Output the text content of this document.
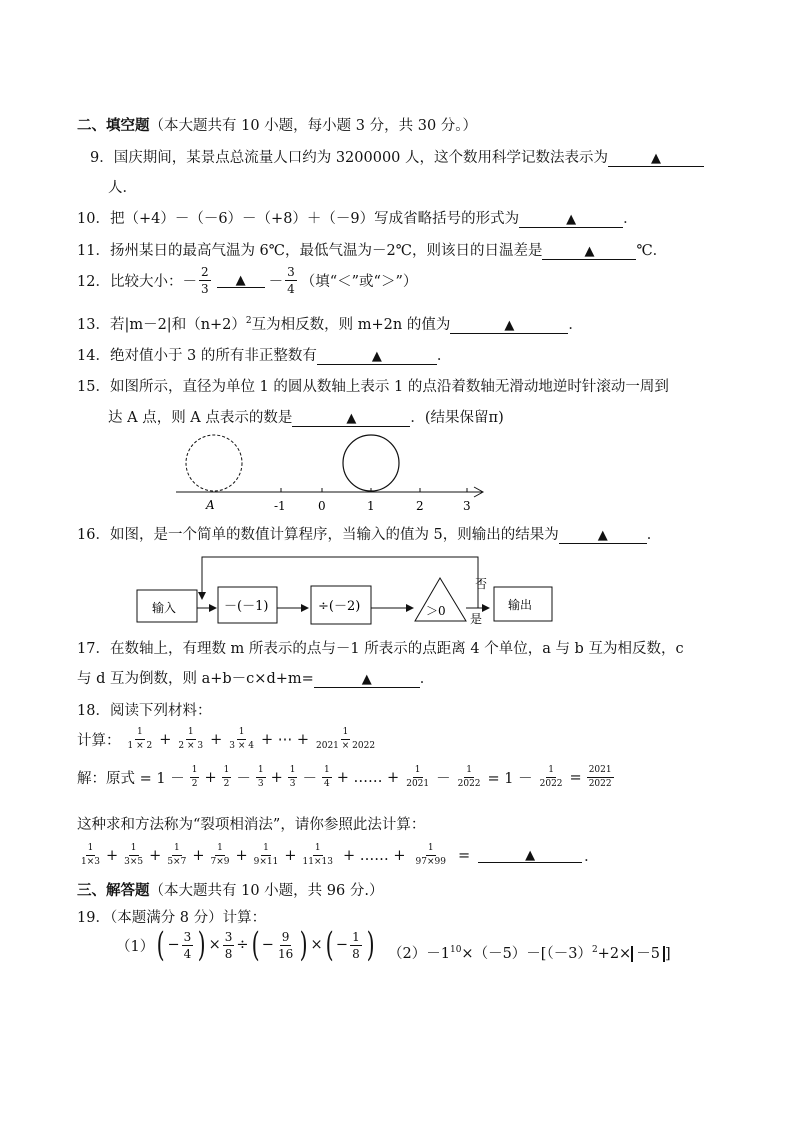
二、填空题（本大题共有 10 小题，每小题 3 分，共 30 分。）
9．国庆期间，某景点总流量人口约为 3200000 人，这个数用科学记数法表示为	▲
人．
10．把（+4）－（－6）－（+8）＋（－9）写成省略括号的形式为	▲	．
11．扬州某日的最高气温为 6℃，最低气温为－2℃，则该日的日温差是	▲	℃．
12．比较大小：－ $\frac{2}{3}$	▲	－ $\frac{3}{4}$ （填“＜”或“＞”）
13．若|m－2|和$(n+2)^2$互为相反数，则 m+2n 的值为	▲	．
14．绝对值小于 3 的所有非正整数有	▲	．
15．如图所示，直径为单位 1 的圆从数轴上表示 1 的点沿着数轴无滑动地逆时针滚动一周到
达 A 点，则 A 点表示的数是	▲	．(结果保留π)
A	-1	0	1	2	3
16．如图，是一个简单的数值计算程序，当输入的值为 5，则输出的结果为	▲	．
输入	－(－1)	÷(－2)	＞0
否
是
输出
17．在数轴上，有理数 m 所表示的点与－1 所表示的点距离 4 个单位，a 与 b 互为相反数，c
与 d 互为倒数，则 a+b－c×d+m=	▲	．
18．阅读下列材料：
计算： $\frac{1}{1 \times 2} + \frac{1}{2 \times 3} + \frac{1}{3 \times 4}$ + ⋯ + $\frac{1}{2021 \times 2022}$
解：原式 = $1 - \frac{1}{2} + \frac{1}{2} - \frac{1}{3} + \frac{1}{3} - \frac{1}{4}$ + …… + $\frac{1}{2021} - \frac{1}{2022} = 1 - \frac{1}{2022} = \frac{2021}{2022}$
这种求和方法称为“裂项相消法”，请你参照此法计算：
$\frac{1}{1\times 3} + \frac{1}{3\times 5} + \frac{1}{5\times 7} + \frac{1}{7\times 9} + \frac{1}{9\times 11} + \frac{1}{11\times 13}$ + …… + $\frac{1}{97\times 99}$ =	▲	．
三、解答题（本大题共有 10 小题，共 96 分.）
19．（本题满分 8 分）计算：
（1） ( − $\frac{3}{4}$ ) × $\frac{3}{8}$ ÷ ( − $\frac{9}{16}$ ) × ( − $\frac{1}{8}$ ) $(2)-1^{10}\times(-5)-[(-3)^2+2\times -5$ ]
